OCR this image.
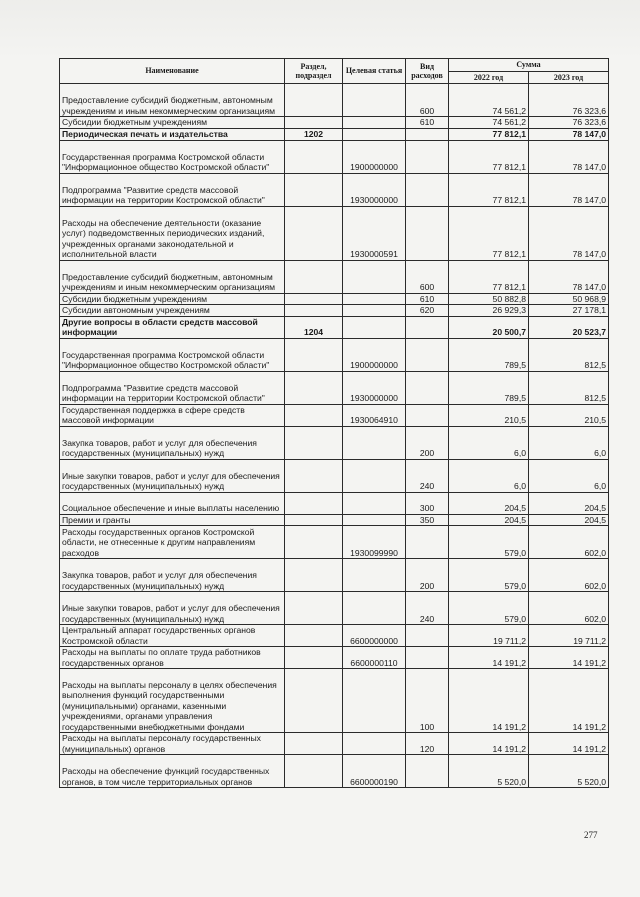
Наименование	Раздел, подраздел	Целевая статья	Вид расходов	Сумма	
				2022 год	2023 год
Предоставление субсидий бюджетным, автономным учреждениям и иным некоммерческим организациям			600	74 561,2	76 323,6
Субсидии бюджетным учреждениям			610	74 561,2	76 323,6
Периодическая печать и издательства	1202			77 812,1	78 147,0
Государственная программа Костромской области "Информационное общество Костромской области"		1900000000		77 812,1	78 147,0
Подпрограмма "Развитие средств массовой информации на территории Костромской области"		1930000000		77 812,1	78 147,0
Расходы на обеспечение деятельности (оказание услуг) подведомственных периодических изданий, учрежденных органами законодательной и исполнительной власти		1930000591		77 812,1	78 147,0
Предоставление субсидий бюджетным, автономным учреждениям и иным некоммерческим организациям			600	77 812,1	78 147,0
Субсидии бюджетным учреждениям			610	50 882,8	50 968,9
Субсидии автономным учреждениям			620	26 929,3	27 178,1
Другие вопросы в области средств массовой информации	1204			20 500,7	20 523,7
Государственная программа Костромской области "Информационное общество Костромской области"		1900000000		789,5	812,5
Подпрограмма "Развитие средств массовой информации на территории Костромской области"		1930000000		789,5	812,5
Государственная поддержка в сфере средств массовой информации		1930064910		210,5	210,5
Закупка товаров, работ и услуг для обеспечения государственных (муниципальных) нужд			200	6,0	6,0
Иные закупки товаров, работ и услуг для обеспечения государственных (муниципальных) нужд			240	6,0	6,0
Социальное обеспечение и иные выплаты населению			300	204,5	204,5
Премии и гранты			350	204,5	204,5
Расходы государственных органов Костромской области, не отнесенные к другим направлениям расходов		1930099990		579,0	602,0
Закупка товаров, работ и услуг для обеспечения государственных (муниципальных) нужд			200	579,0	602,0
Иные закупки товаров, работ и услуг для обеспечения государственных (муниципальных) нужд			240	579,0	602,0
Центральный аппарат государственных органов Костромской области		6600000000		19 711,2	19 711,2
Расходы на выплаты по оплате труда работников государственных органов		6600000110		14 191,2	14 191,2
Расходы на выплаты персоналу в целях обеспечения выполнения функций государственными (муниципальными) органами, казенными учреждениями, органами управления государственными внебюджетными фондами			100	14 191,2	14 191,2
Расходы на выплаты персоналу государственных (муниципальных) органов			120	14 191,2	14 191,2
Расходы на обеспечение функций государственных органов, в том числе территориальных органов		6600000190		5 520,0	5 520,0
277
